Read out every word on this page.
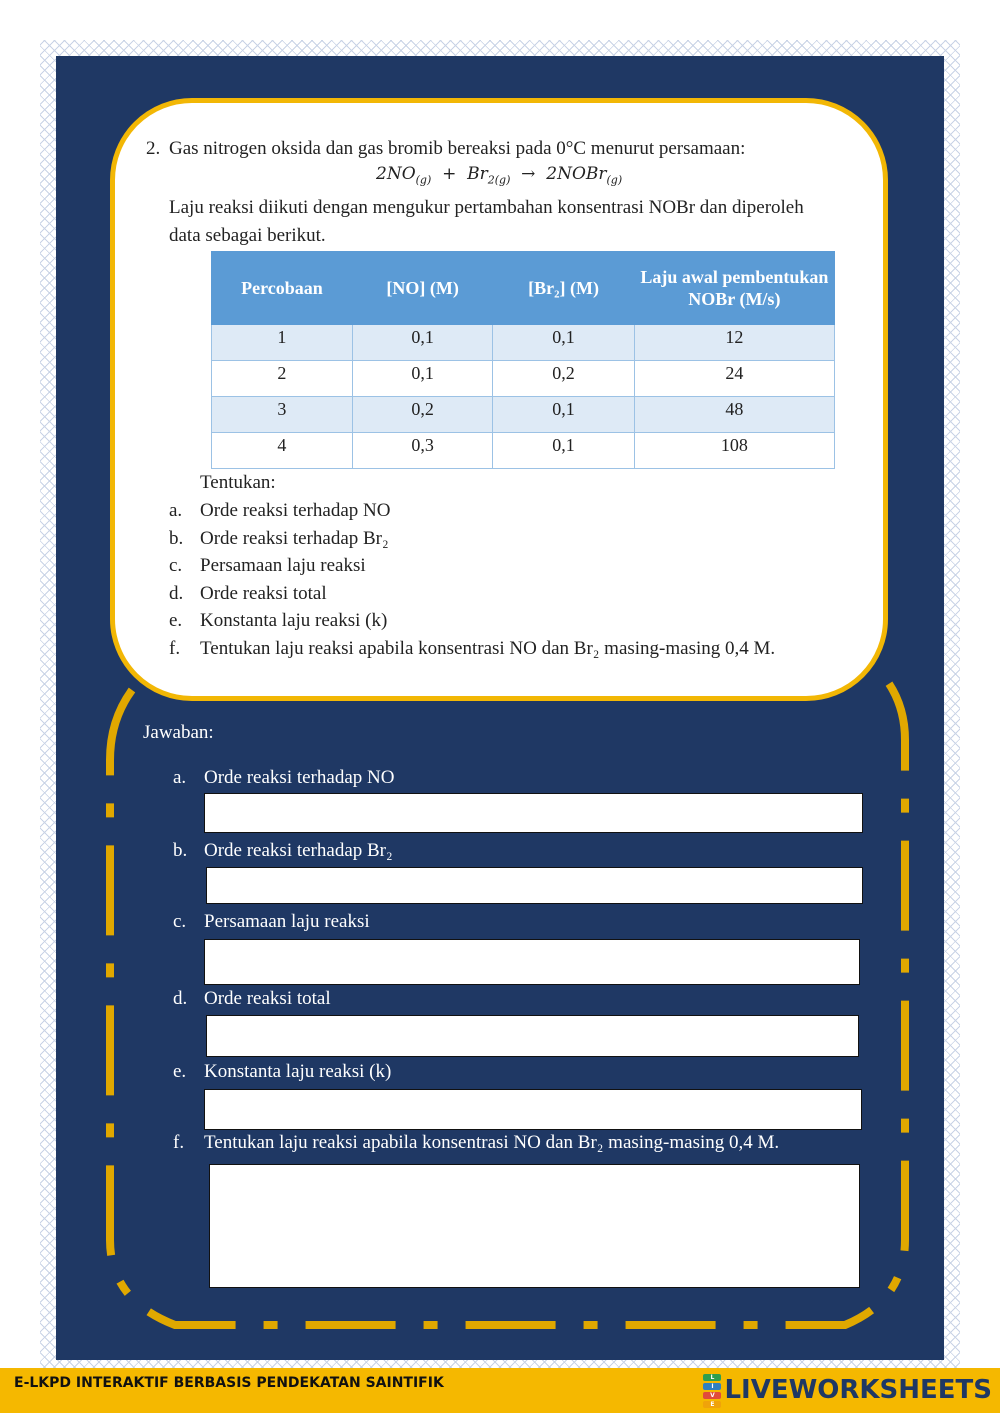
2. Gas nitrogen oksida dan gas bromib bereaksi pada 0°C menurut persamaan:
$2NO_{(g)} + Br_{2(g)}$  →  2NOBr$_{(g)}$
Laju reaksi diikuti dengan mengukur pertambahan konsentrasi NOBr dan diperoleh
data sebagai berikut.
Percobaan	[NO] (M)	[Br₂] (M)	Laju awal pembentukan NOBr (M/s)
1	0,1	0,1	12
2	0,1	0,2	24
3	0,2	0,1	48
4	0,3	0,1	108
Tentukan:
a. Orde reaksi terhadap NO
b. Orde reaksi terhadap Br₂
c. Persamaan laju reaksi
d. Orde reaksi total
e. Konstanta laju reaksi (k)
f. Tentukan laju reaksi apabila konsentrasi NO dan Br₂ masing-masing 0,4 M.
Jawaban:
a. Orde reaksi terhadap NO
b. Orde reaksi terhadap Br₂
c. Persamaan laju reaksi
d. Orde reaksi total
e. Konstanta laju reaksi (k)
f. Tentukan laju reaksi apabila konsentrasi NO dan Br₂ masing-masing 0,4 M.
E-LKPD INTERAKTIF BERBASIS PENDEKATAN SAINTIFIK	L
I
V
E LIVEWORKSHEETS
